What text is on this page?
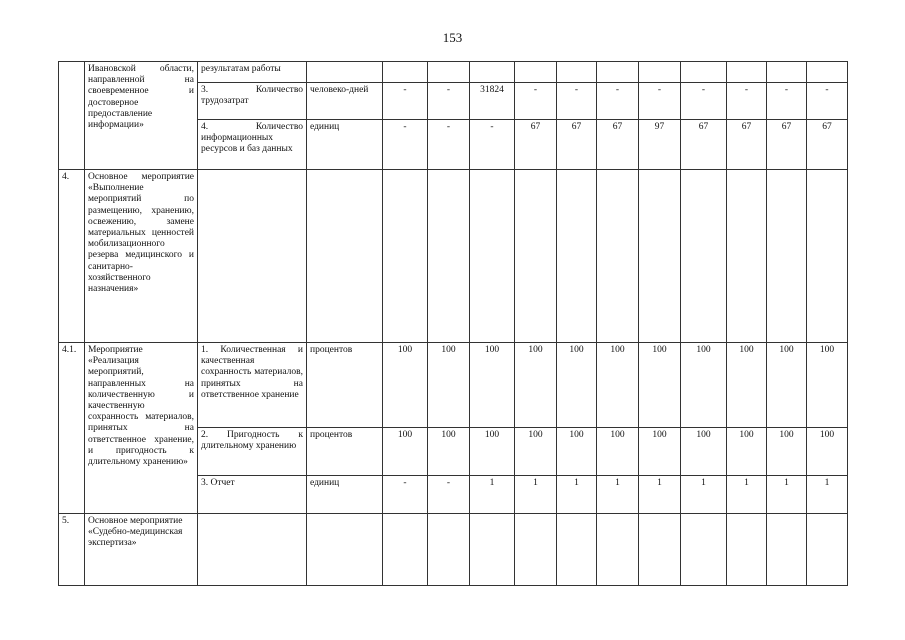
153
	Ивановской области, направленной на своевременное и достоверное предоставление информации»	результатам работы												
		3. Количество трудозатрат	человеко-дней	-	-	31824	-	-	-	-	-	-	-	-
		4. Количество информационных ресурсов и баз данных	единиц	-	-	-	67	67	67	97	67	67	67	67
4.	Основное мероприятие «Выполнение мероприятий по размещению, хранению, освежению, замене материальных ценностей мобилизационного резерва медицинского и санитарно-хозяйственного назначения»													
4.1.	Мероприятие «Реализация мероприятий, направленных на количественную и качественную сохранность материалов, принятых на ответственное хранение, и пригодность к длительному хранению»	1. Количественная и качественная сохранность материалов, принятых на ответственное хранение	процентов	100	100	100	100	100	100	100	100	100	100	100
		2. Пригодность к длительному хранению	процентов	100	100	100	100	100	100	100	100	100	100	100
		3. Отчет	единиц	-	-	1	1	1	1	1	1	1	1	1
5.	Основное мероприятие «Судебно-медицинская экспертиза»													
